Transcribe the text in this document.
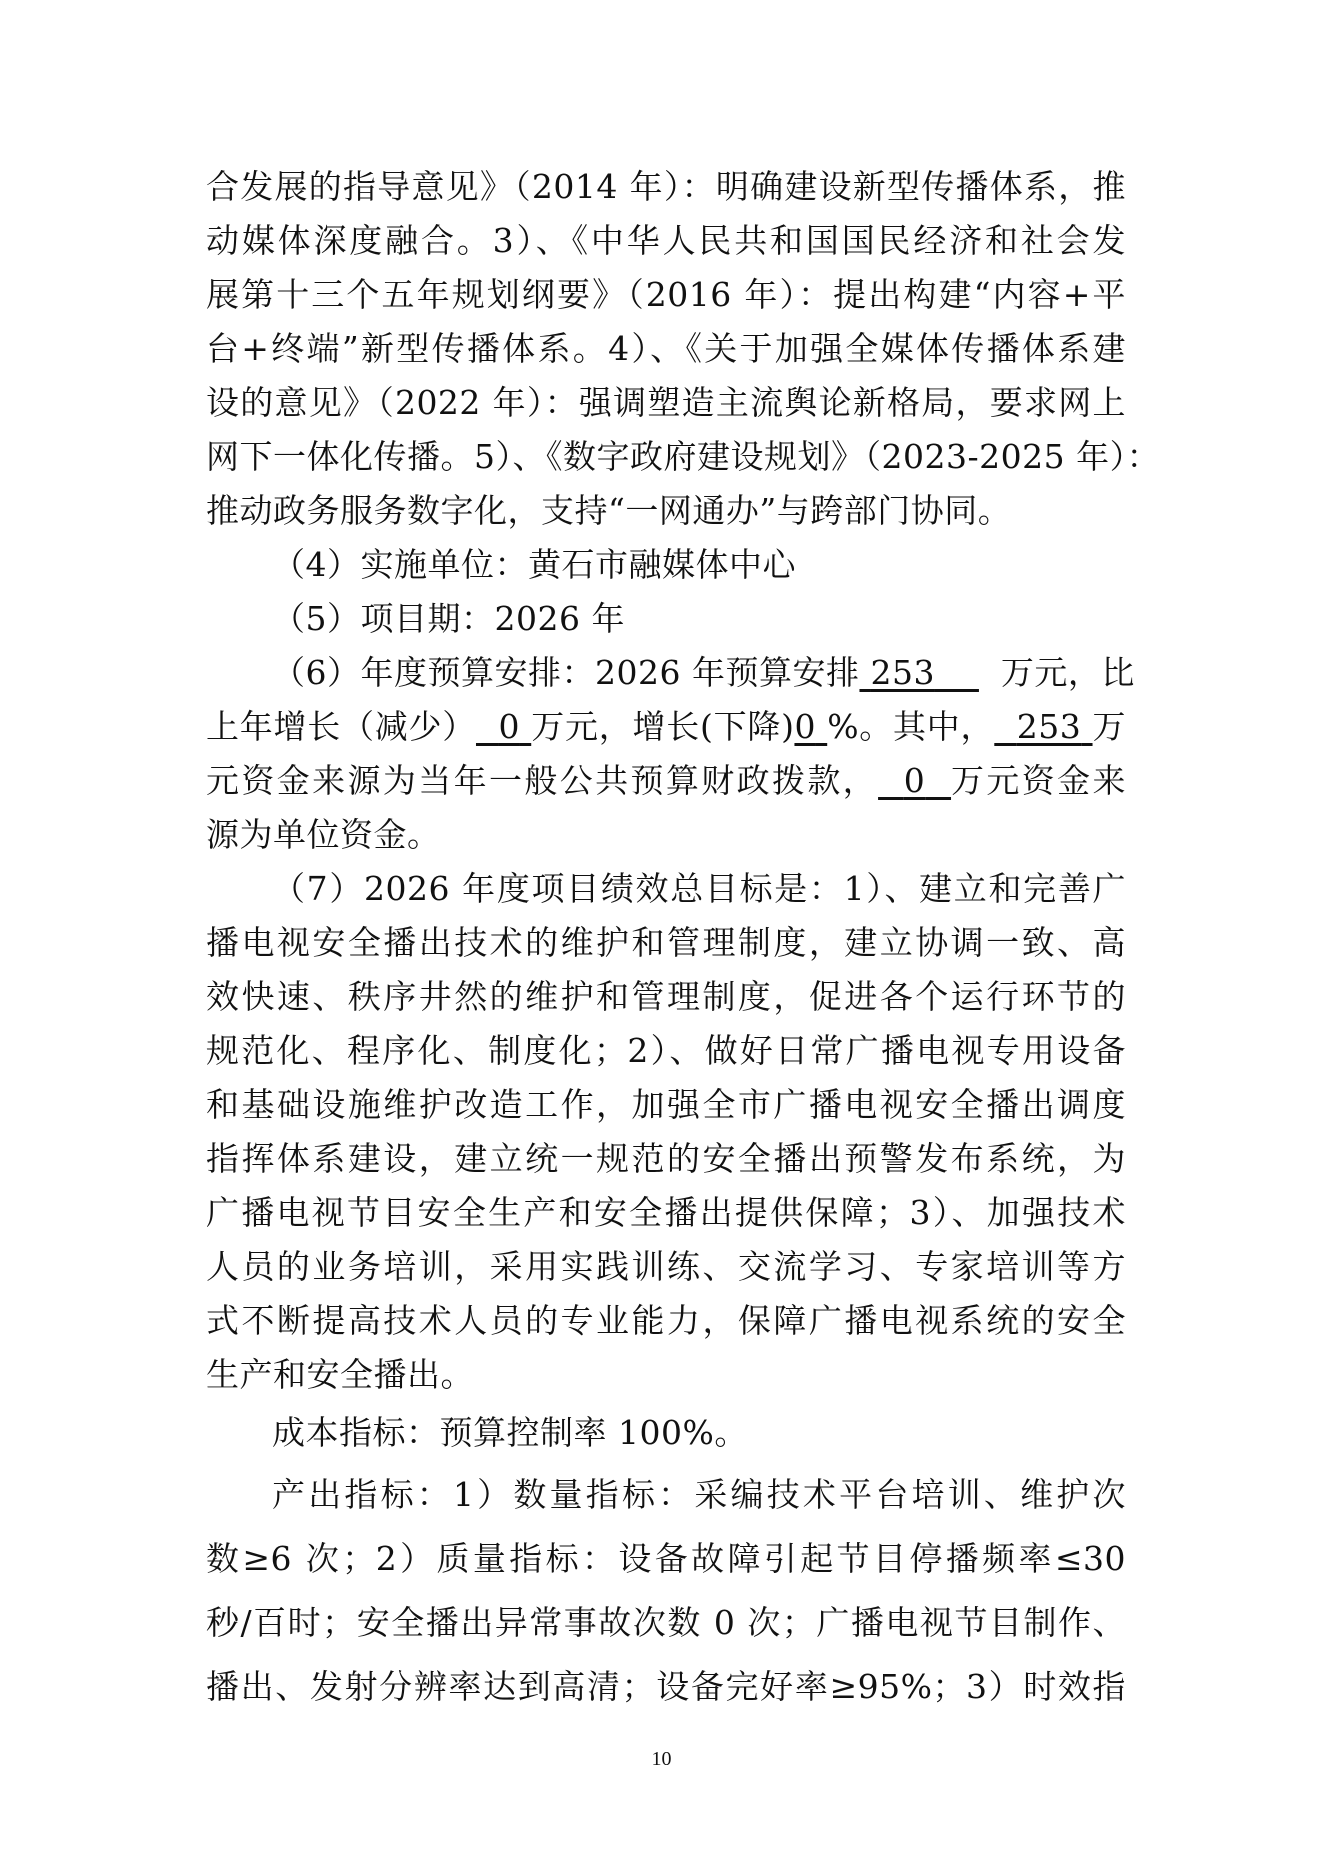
合发展的指导意见》（2014 年）：明确建设新型传播体系，推
动媒体深度融合。3）、《中华人民共和国国民经济和社会发
展第十三个五年规划纲要》（2016 年）：提出构建“内容+平
台+终端”新型传播体系。4）、《关于加强全媒体传播体系建
设的意见》（2022 年）：强调塑造主流舆论新格局，要求网上
网下一体化传播。5）、《数字政府建设规划》（2023-2025 年）：
推动政务服务数字化，支持“一网通办”与跨部门协同。
（4）实施单位：黄石市融媒体中心
（5）项目期：2026 年
（6）年度预算安排：2026 年预算安排 253 万元，比
上年增长（减少） 0 万元，增长(下降)0 %。其中， 253 万
元资金来源为当年一般公共预算财政拨款， 0 万元资金来
源为单位资金。
（7）2026 年度项目绩效总目标是：1）、建立和完善广
播电视安全播出技术的维护和管理制度，建立协调一致、高
效快速、秩序井然的维护和管理制度，促进各个运行环节的
规范化、程序化、制度化；2）、做好日常广播电视专用设备
和基础设施维护改造工作，加强全市广播电视安全播出调度
指挥体系建设，建立统一规范的安全播出预警发布系统，为
广播电视节目安全生产和安全播出提供保障；3）、加强技术
人员的业务培训，采用实践训练、交流学习、专家培训等方
式不断提高技术人员的专业能力，保障广播电视系统的安全
生产和安全播出。
成本指标：预算控制率 100%。
产出指标：1）数量指标：采编技术平台培训、维护次
数≥6 次；2）质量指标：设备故障引起节目停播频率≤30
秒/百时；安全播出异常事故次数 0 次；广播电视节目制作、
播出、发射分辨率达到高清；设备完好率≥95%；3）时效指
10
